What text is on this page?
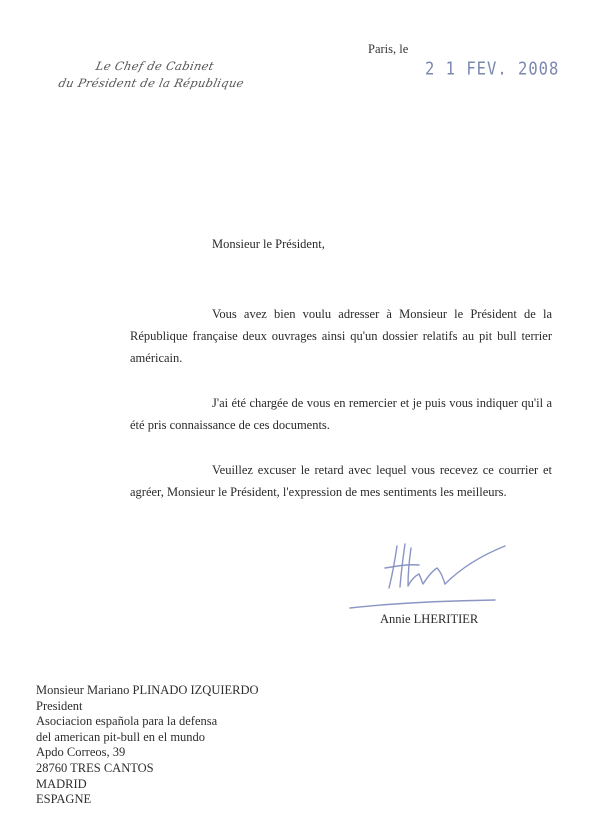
Le Chef de Cabinet
du Président de la République
Paris, le
2 1 FEV. 2008
Monsieur le Président,
Vous avez bien voulu adresser à Monsieur le Président de la République française deux ouvrages ainsi qu'un dossier relatifs au pit bull terrier américain.
J'ai été chargée de vous en remercier et je puis vous indiquer qu'il a été pris connaissance de ces documents.
Veuillez excuser le retard avec lequel vous recevez ce courrier et agréer, Monsieur le Président, l'expression de mes sentiments les meilleurs.
Annie LHERITIER
Monsieur Mariano PLINADO IZQUIERDO
President
Asociacion española para la defensa
del american pit-bull en el mundo
Apdo Correos, 39
28760 TRES CANTOS
MADRID
ESPAGNE
